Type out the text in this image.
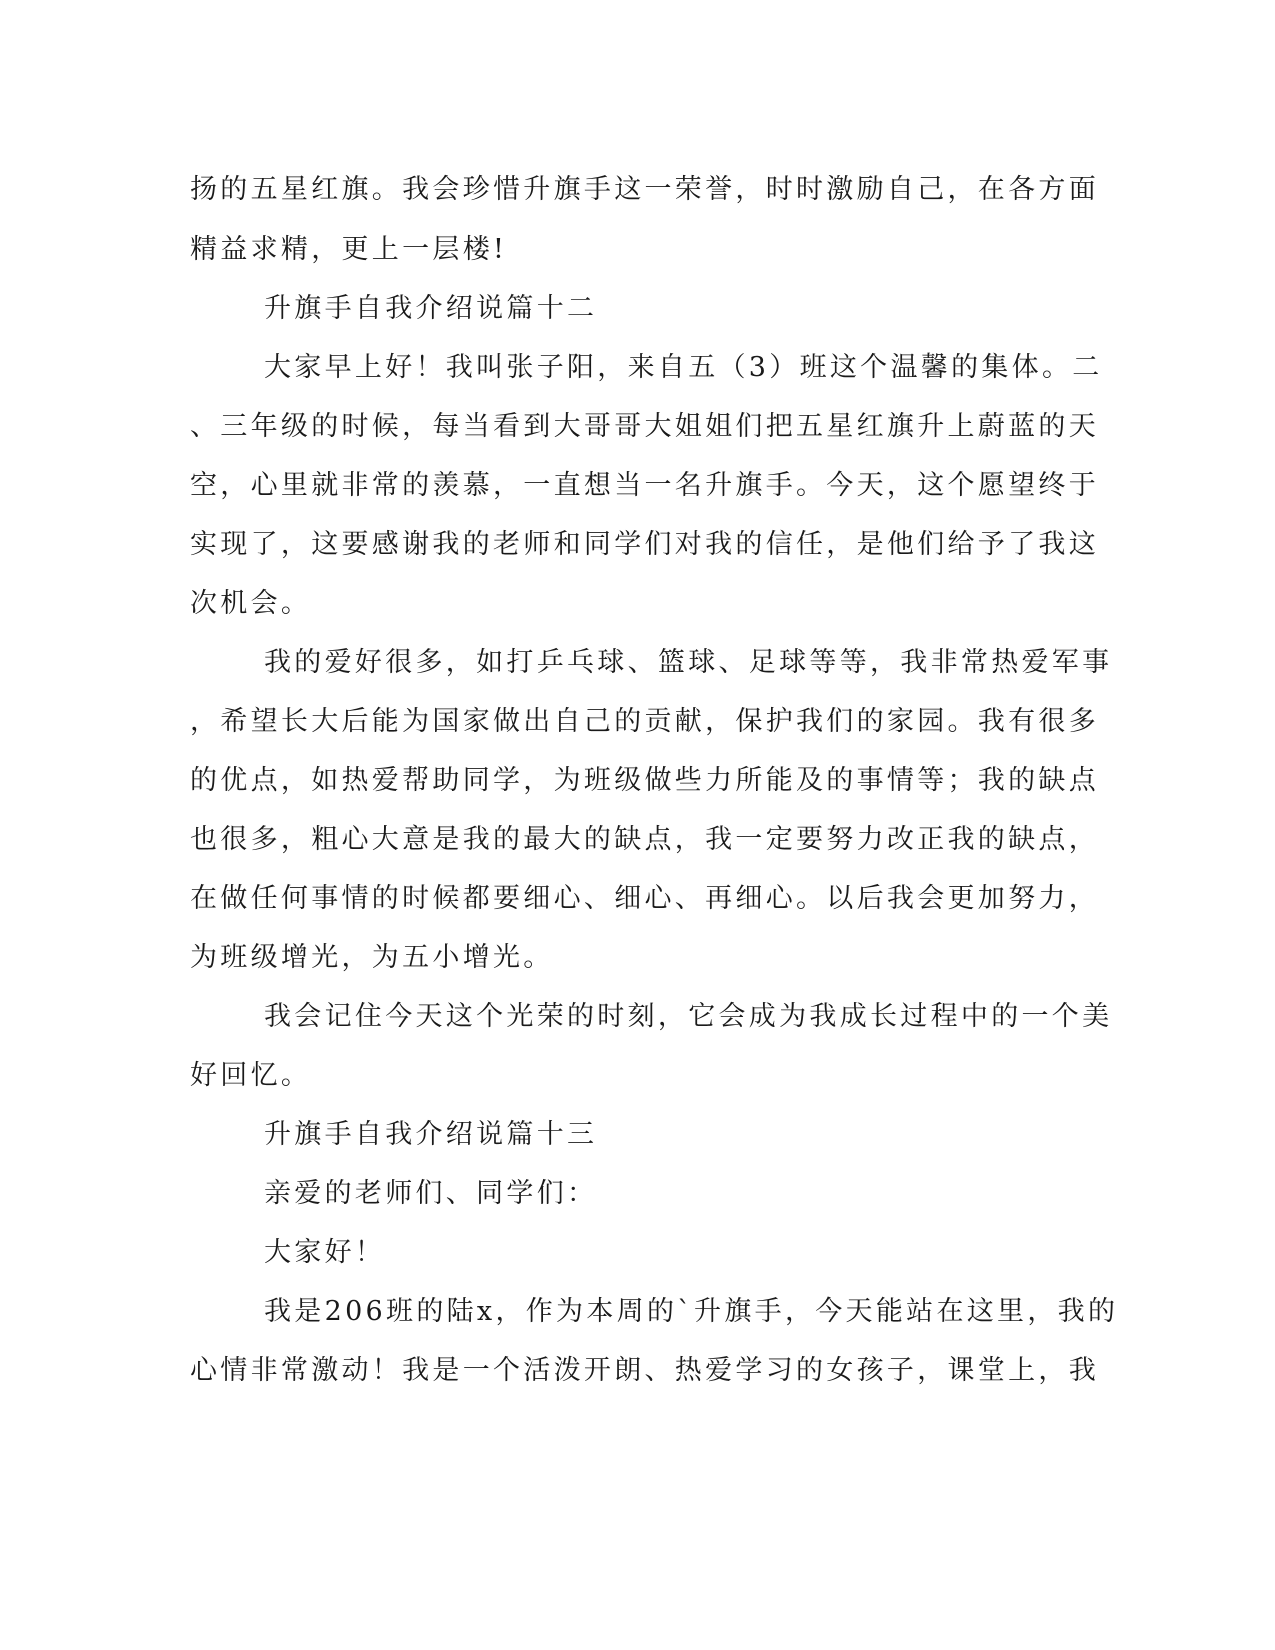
扬的五星红旗。我会珍惜升旗手这一荣誉，时时激励自己，在各方面
精益求精，更上一层楼!
升旗手自我介绍说篇十二
大家早上好！我叫张子阳，来自五（3）班这个温馨的集体。二
、三年级的时候，每当看到大哥哥大姐姐们把五星红旗升上蔚蓝的天
空，心里就非常的羡慕，一直想当一名升旗手。今天，这个愿望终于
实现了，这要感谢我的老师和同学们对我的信任，是他们给予了我这
次机会。
我的爱好很多，如打乒乓球、篮球、足球等等，我非常热爱军事
，希望长大后能为国家做出自己的贡献，保护我们的家园。我有很多
的优点，如热爱帮助同学，为班级做些力所能及的事情等；我的缺点
也很多，粗心大意是我的最大的缺点，我一定要努力改正我的缺点，
在做任何事情的时候都要细心、细心、再细心。以后我会更加努力，
为班级增光，为五小增光。
我会记住今天这个光荣的时刻，它会成为我成长过程中的一个美
好回忆。
升旗手自我介绍说篇十三
亲爱的老师们、同学们：
大家好！
我是206班的陆x，作为本周的`升旗手，今天能站在这里，我的
心情非常激动！我是一个活泼开朗、热爱学习的女孩子，课堂上，我
